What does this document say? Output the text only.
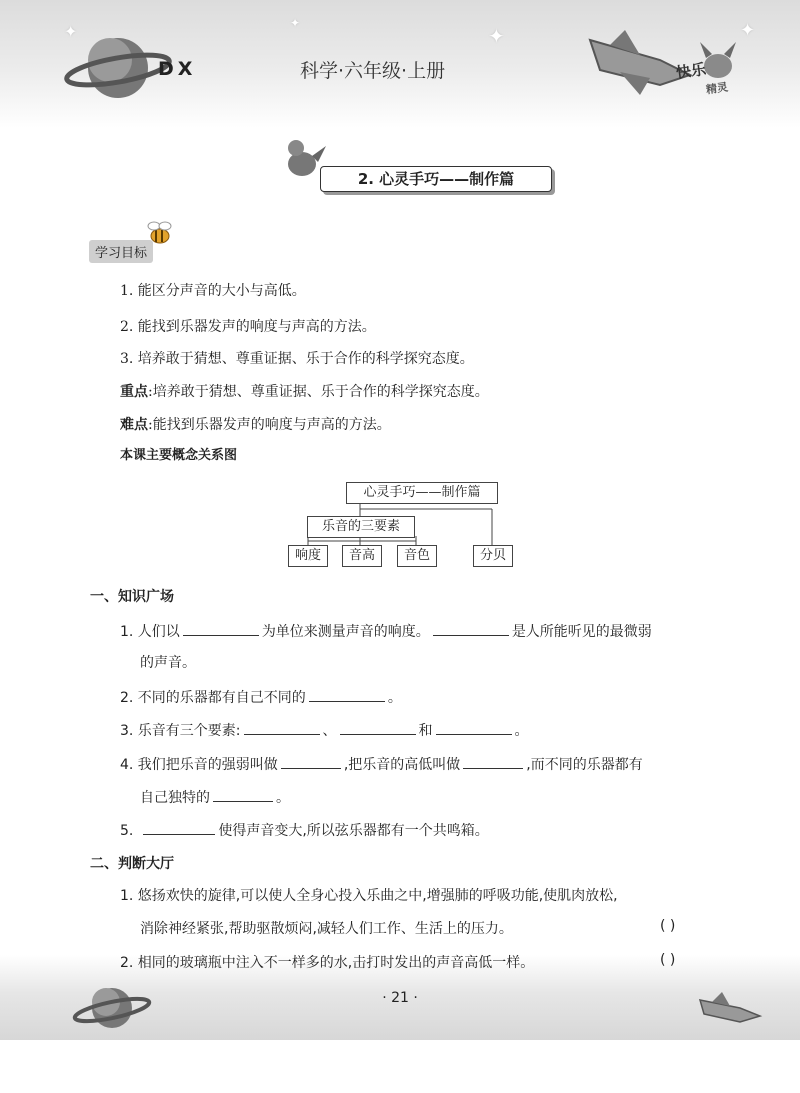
✦
✦	✦
✦
DX	科学·六年级·上册	快乐
精灵
2. 心灵手巧——制作篇
学习目标
1. 能区分声音的大小与高低。
2. 能找到乐器发声的响度与声高的方法。
3. 培养敢于猜想、尊重证据、乐于合作的科学探究态度。
重点:培养敢于猜想、尊重证据、乐于合作的科学探究态度。
难点:能找到乐器发声的响度与声高的方法。
本课主要概念关系图
心灵手巧——制作篇
乐音的三要素
响度	音高	音色	分贝
一、知识广场
1. 人们以	为单位来测量声音的响度。	是人所能听见的最微弱
的声音。
2. 不同的乐器都有自己不同的	。
3. 乐音有三个要素:	、	和	。
4. 我们把乐音的强弱叫做	,把乐音的高低叫做	,而不同的乐器都有
自己独特的	。
5.	使得声音变大,所以弦乐器都有一个共鸣箱。
二、判断大厅
1. 悠扬欢快的旋律,可以使人全身心投入乐曲之中,增强肺的呼吸功能,使肌肉放松,
消除神经紧张,帮助驱散烦闷,减轻人们工作、生活上的压力。	( )
2. 相同的玻璃瓶中注入不一样多的水,击打时发出的声音高低一样。	( )
· 21 ·
